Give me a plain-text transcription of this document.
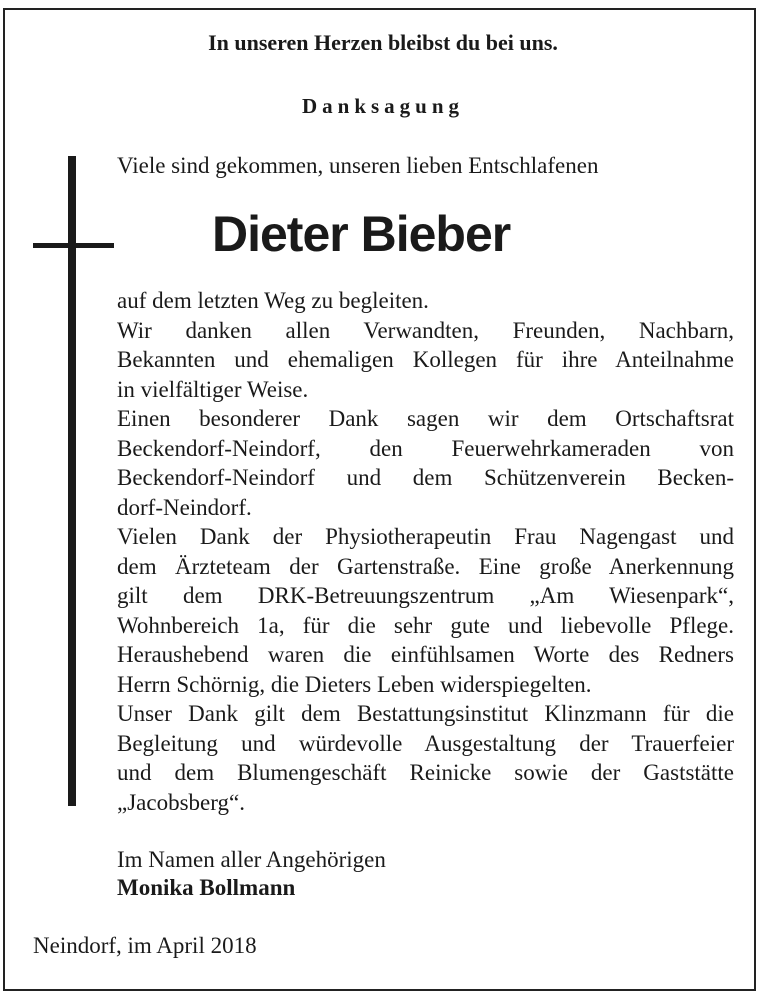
In unseren Herzen bleibst du bei uns.
Danksagung
Viele sind gekommen, unseren lieben Entschlafenen
Dieter Bieber
auf dem letzten Weg zu begleiten.
Wir danken allen Verwandten, Freunden, Nachbarn,
Bekannten und ehemaligen Kollegen für ihre Anteilnahme
in vielfältiger Weise.
Einen besonderer Dank sagen wir dem Ortschaftsrat
Beckendorf-Neindorf, den Feuerwehrkameraden von
Beckendorf-Neindorf und dem Schützenverein Becken-
dorf-Neindorf.
Vielen Dank der Physiotherapeutin Frau Nagengast und
dem Ärzteteam der Gartenstraße. Eine große Anerkennung
gilt dem DRK-Betreuungszentrum „Am Wiesenpark“,
Wohnbereich 1a, für die sehr gute und liebevolle Pflege.
Heraushebend waren die einfühlsamen Worte des Redners
Herrn Schörnig, die Dieters Leben widerspiegelten.
Unser Dank gilt dem Bestattungsinstitut Klinzmann für die
Begleitung und würdevolle Ausgestaltung der Trauerfeier
und dem Blumengeschäft Reinicke sowie der Gaststätte
„Jacobsberg“.
Im Namen aller Angehörigen
Monika Bollmann
Neindorf, im April 2018
